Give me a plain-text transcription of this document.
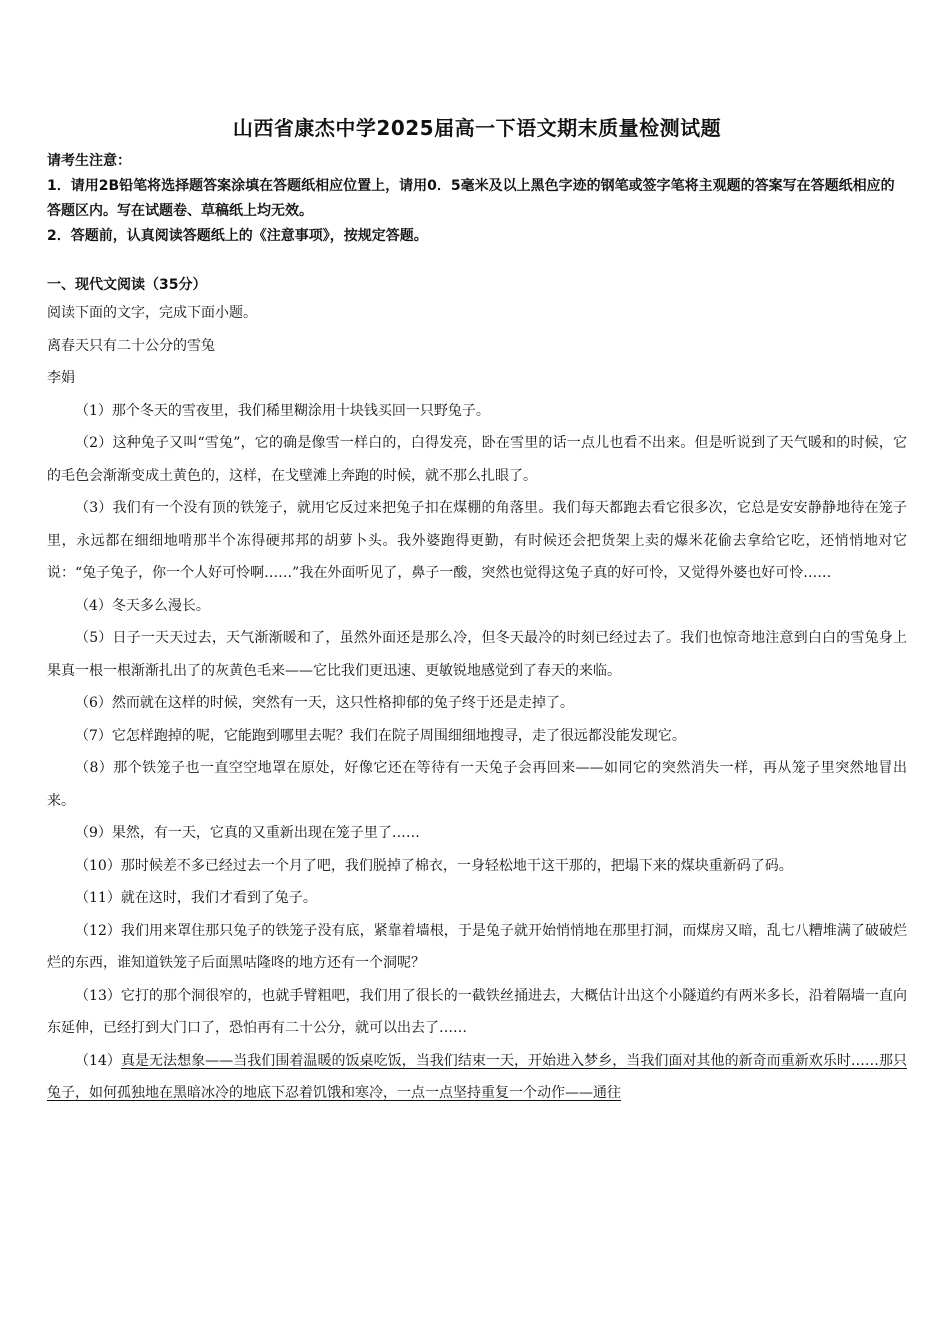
山西省康杰中学2025届高一下语文期末质量检测试题

请考生注意：

1．请用2B铅笔将选择题答案涂填在答题纸相应位置上，请用0．5毫米及以上黑色字迹的钢笔或签字笔将主观题的答案写在答题纸相应的答题区内。写在试题卷、草稿纸上均无效。

2．答题前，认真阅读答题纸上的《注意事项》，按规定答题。

一、现代文阅读（35分）

阅读下面的文字，完成下面小题。

离春天只有二十公分的雪兔

李娟

（1）那个冬天的雪夜里，我们稀里糊涂用十块钱买回一只野兔子。

（2）这种兔子又叫“雪兔”，它的确是像雪一样白的，白得发亮，卧在雪里的话一点儿也看不出来。但是听说到了天气暖和的时候，它的毛色会渐渐变成土黄色的，这样，在戈壁滩上奔跑的时候，就不那么扎眼了。

（3）我们有一个没有顶的铁笼子，就用它反过来把兔子扣在煤棚的角落里。我们每天都跑去看它很多次，它总是安安静静地待在笼子里，永远都在细细地啃那半个冻得硬邦邦的胡萝卜头。我外婆跑得更勤，有时候还会把货架上卖的爆米花偷去拿给它吃，还悄悄地对它说：“兔子兔子，你一个人好可怜啊……”我在外面听见了，鼻子一酸，突然也觉得这兔子真的好可怜，又觉得外婆也好可怜……

（4）冬天多么漫长。

（5）日子一天天过去，天气渐渐暖和了，虽然外面还是那么冷，但冬天最冷的时刻已经过去了。我们也惊奇地注意到白白的雪兔身上果真一根一根渐渐扎出了的灰黄色毛来——它比我们更迅速、更敏锐地感觉到了春天的来临。

（6）然而就在这样的时候，突然有一天，这只性格抑郁的兔子终于还是走掉了。

（7）它怎样跑掉的呢，它能跑到哪里去呢？我们在院子周围细细地搜寻，走了很远都没能发现它。

（8）那个铁笼子也一直空空地罩在原处，好像它还在等待有一天兔子会再回来——如同它的突然消失一样，再从笼子里突然地冒出来。

（9）果然，有一天，它真的又重新出现在笼子里了……

（10）那时候差不多已经过去一个月了吧，我们脱掉了棉衣，一身轻松地干这干那的，把塌下来的煤块重新码了码。

（11）就在这时，我们才看到了兔子。

（12）我们用来罩住那只兔子的铁笼子没有底，紧靠着墙根，于是兔子就开始悄悄地在那里打洞，而煤房又暗，乱七八糟堆满了破破烂烂的东西，谁知道铁笼子后面黑咕隆咚的地方还有一个洞呢？

（13）它打的那个洞很窄的，也就手臂粗吧，我们用了很长的一截铁丝捅进去，大概估计出这个小隧道约有两米多长，沿着隔墙一直向东延伸，已经打到大门口了，恐怕再有二十公分，就可以出去了……

（14）真是无法想象——当我们围着温暖的饭桌吃饭，当我们结束一天，开始进入梦乡，当我们面对其他的新奇而重新欢乐时……那只兔子，如何孤独地在黑暗冰冷的地底下忍着饥饿和寒冷，一点一点坚持重复一个动作——通往
